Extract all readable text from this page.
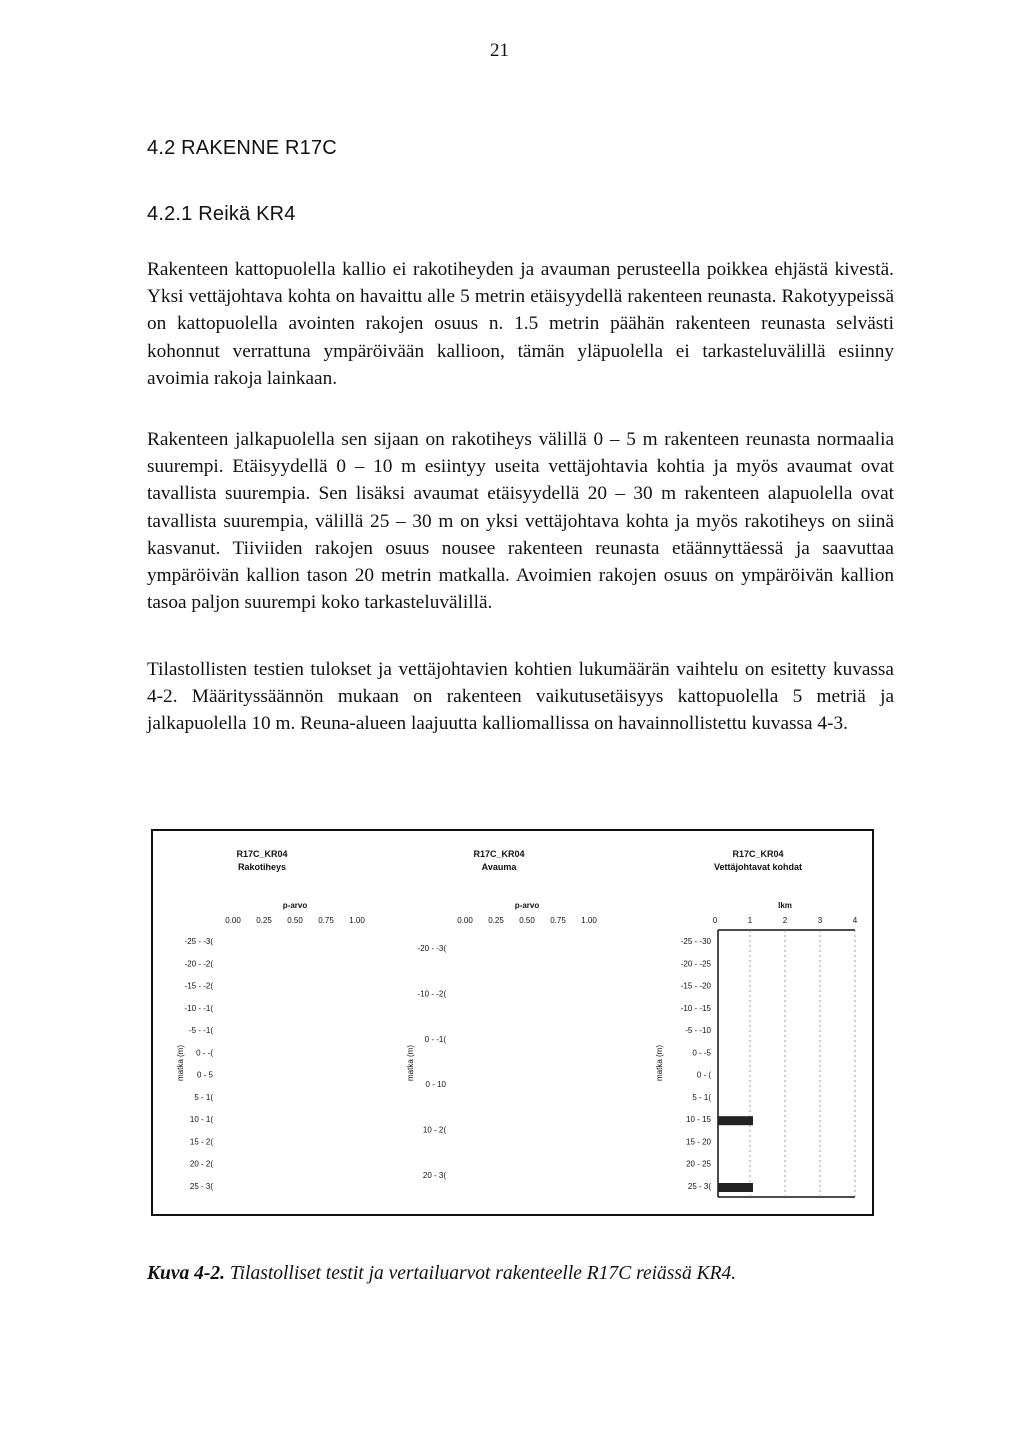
21
4.2 RAKENNE R17C
4.2.1 Reikä KR4

Rakenteen kattopuolella kallio ei rakotiheyden ja avauman perusteella poikkea ehjästä kivestä. Yksi vettäjohtava kohta on havaittu alle 5 metrin etäisyydellä rakenteen reunasta. Rakotyypeissä on kattopuolella avointen rakojen osuus n. 1.5 metrin päähän rakenteen reunasta selvästi kohonnut verrattuna ympäröivään kallioon, tämän yläpuolella ei tarkasteluvälillä esiinny avoimia rakoja lainkaan.

Rakenteen jalkapuolella sen sijaan on rakotiheys välillä 0 – 5 m rakenteen reunasta normaalia suurempi. Etäisyydellä 0 – 10 m esiintyy useita vettäjohtavia kohtia ja myös avaumat ovat tavallista suurempia. Sen lisäksi avaumat etäisyydellä 20 – 30 m rakenteen alapuolella ovat tavallista suurempia, välillä 25 – 30 m on yksi vettäjohtava kohta ja myös rakotiheys on siinä kasvanut. Tiiviiden rakojen osuus nousee rakenteen reunasta etäännyttäessä ja saavuttaa ympäröivän kallion tason 20 metrin matkalla. Avoimien rakojen osuus on ympäröivän kallion tasoa paljon suurempi koko tarkasteluvälillä.

Tilastollisten testien tulokset ja vettäjohtavien kohtien lukumäärän vaihtelu on esitetty kuvassa 4-2. Määrityssäännön mukaan on rakenteen vaikutusetäisyys kattopuolella 5 metriä ja jalkapuolella 10 m. Reuna-alueen laajuutta kalliomallissa on havainnollistettu kuvassa 4-3.

R17C_KR04
Rakotiheys
p-arvo
0.00 0.25 0.50 0.75 1.00
-25 - -3(
-20 - -2(
-15 - -2(
-10 - -1(
-5 - -1(
0 - -(
0 - 5
5 - 1(
10 - 1(
15 - 2(
20 - 2(
25 - 3(
matka (m)
R17C_KR04
Avauma
p-arvo
0.00 0.25 0.50 0.75 1.00
-20 - -3(
-10 - -2(
0 - -1(
0 - 10
10 - 2(
20 - 3(
matka (m)
R17C_KR04
Vettäjohtavat kohdat
lkm
0	1	2	3	4
-25 - -30
-20 - -25
-15 - -20
-10 - -15
-5 - -10
0 - -5
0 - (
5 - 1(
10 - 15
15 - 20
20 - 25
25 - 3(
matka (m)
Kuva 4-2. Tilastolliset testit ja vertailuarvot rakenteelle R17C reiässä KR4.
